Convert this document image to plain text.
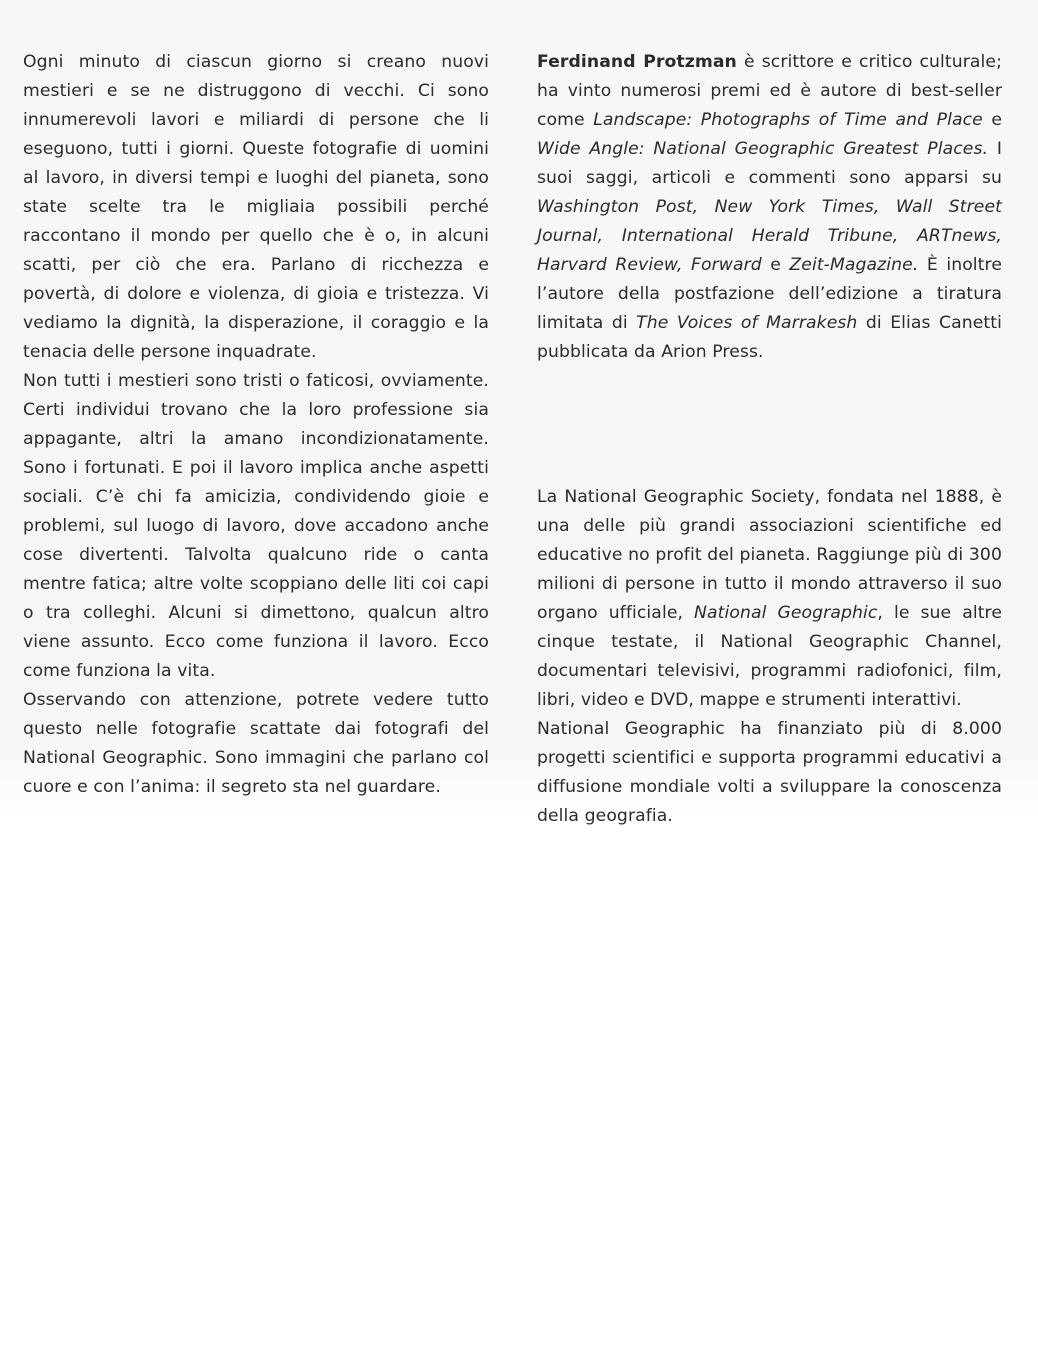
Ogni minuto di ciascun giorno si creano nuovi mestieri e se ne distruggono di vecchi. Ci sono innumerevoli lavori e miliardi di persone che li eseguono, tutti i giorni. Queste fotografie di uomini al lavoro, in diversi tempi e luoghi del pianeta, sono state scelte tra le migliaia possibili perché raccontano il mondo per quello che è o, in alcuni scatti, per ciò che era. Parlano di ricchezza e povertà, di dolore e violenza, di gioia e tristezza. Vi vediamo la dignità, la disperazione, il coraggio e la tenacia delle persone inquadrate.

Non tutti i mestieri sono tristi o faticosi, ovviamente. Certi individui trovano che la loro professione sia appagante, altri la amano incondizionatamente. Sono i fortunati. E poi il lavoro implica anche aspetti sociali. C’è chi fa amicizia, condividendo gioie e problemi, sul luogo di lavoro, dove accadono anche cose divertenti. Talvolta qualcuno ride o canta mentre fatica; altre volte scoppiano delle liti coi capi o tra colleghi. Alcuni si dimettono, qualcun altro viene assunto. Ecco come funziona il lavoro. Ecco come funziona la vita.

Osservando con attenzione, potrete vedere tutto questo nelle fotografie scattate dai fotografi del National Geographic. Sono immagini che parlano col cuore e con l’anima: il segreto sta nel guardare.

Ferdinand Protzman è scrittore e critico culturale; ha vinto numerosi premi ed è autore di best-seller come Landscape: Photographs of Time and Place e Wide Angle: National Geographic Greatest Places. I suoi saggi, articoli e commenti sono apparsi su Washington Post, New York Times, Wall Street Journal, International Herald Tribune, ARTnews, Harvard Review, Forward e Zeit-Magazine. È inoltre l’autore della postfazione dell’edizione a tiratura limitata di The Voices of Marrakesh di Elias Canetti pubblicata da Arion Press.

La National Geographic Society, fondata nel 1888, è una delle più grandi associazioni scientifiche ed educative no profit del pianeta. Raggiunge più di 300 milioni di persone in tutto il mondo attraverso il suo organo ufficiale, National Geographic, le sue altre cinque testate, il National Geographic Channel, documentari televisivi, programmi radiofonici, film, libri, video e DVD, mappe e strumenti interattivi.

National Geographic ha finanziato più di 8.000 progetti scientifici e supporta programmi educativi a diffusione mondiale volti a sviluppare la conoscenza della geografia.
